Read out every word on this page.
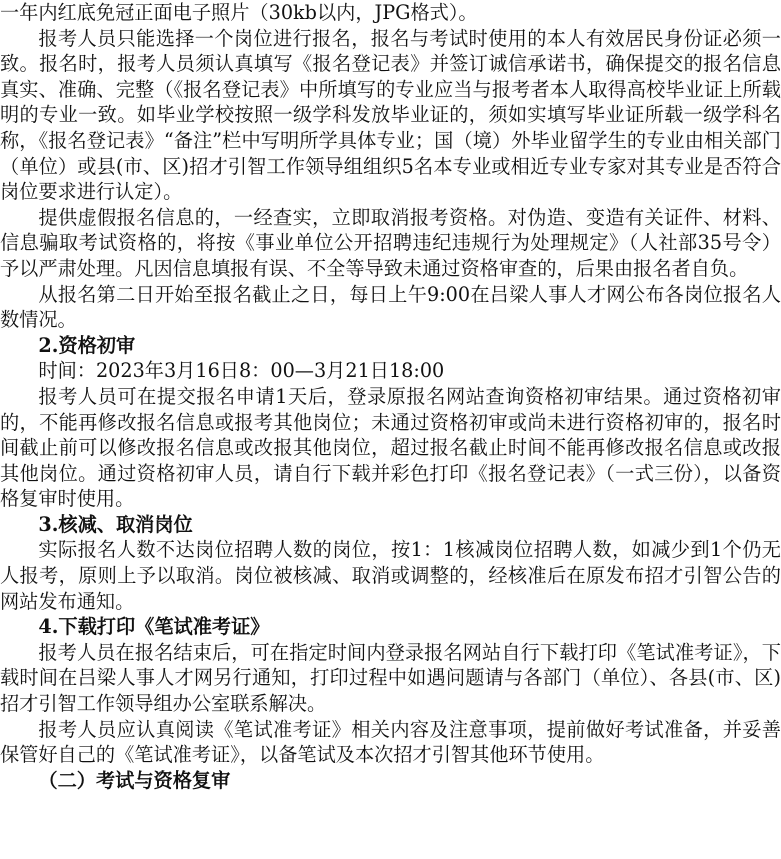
一年内红底免冠正面电子照片（30kb以内，JPG格式）。

报考人员只能选择一个岗位进行报名，报名与考试时使用的本人有效居民身份证必须一致。报名时，报考人员须认真填写《报名登记表》并签订诚信承诺书，确保提交的报名信息真实、准确、完整（《报名登记表》中所填写的专业应当与报考者本人取得高校毕业证上所载明的专业一致。如毕业学校按照一级学科发放毕业证的，须如实填写毕业证所载一级学科名称，《报名登记表》“备注”栏中写明所学具体专业；国（境）外毕业留学生的专业由相关部门（单位）或县(市、区)招才引智工作领导组组织5名本专业或相近专业专家对其专业是否符合岗位要求进行认定）。

提供虚假报名信息的，一经查实，立即取消报考资格。对伪造、变造有关证件、材料、信息骗取考试资格的，将按《事业单位公开招聘违纪违规行为处理规定》（人社部35号令）予以严肃处理。凡因信息填报有误、不全等导致未通过资格审查的，后果由报名者自负。

从报名第二日开始至报名截止之日，每日上午9:00在吕梁人事人才网公布各岗位报名人数情况。

2.资格初审

时间：2023年3月16日8：00—3月21日18:00

报考人员可在提交报名申请1天后，登录原报名网站查询资格初审结果。通过资格初审的，不能再修改报名信息或报考其他岗位；未通过资格初审或尚未进行资格初审的，报名时间截止前可以修改报名信息或改报其他岗位，超过报名截止时间不能再修改报名信息或改报其他岗位。通过资格初审人员，请自行下载并彩色打印《报名登记表》（一式三份），以备资格复审时使用。

3.核减、取消岗位

实际报名人数不达岗位招聘人数的岗位，按1：1核减岗位招聘人数，如减少到1个仍无人报考，原则上予以取消。岗位被核减、取消或调整的，经核准后在原发布招才引智公告的网站发布通知。

4.下载打印《笔试准考证》

报考人员在报名结束后，可在指定时间内登录报名网站自行下载打印《笔试准考证》，下载时间在吕梁人事人才网另行通知，打印过程中如遇问题请与各部门（单位）、各县(市、区)招才引智工作领导组办公室联系解决。

报考人员应认真阅读《笔试准考证》相关内容及注意事项，提前做好考试准备，并妥善保管好自己的《笔试准考证》，以备笔试及本次招才引智其他环节使用。

（二）考试与资格复审
